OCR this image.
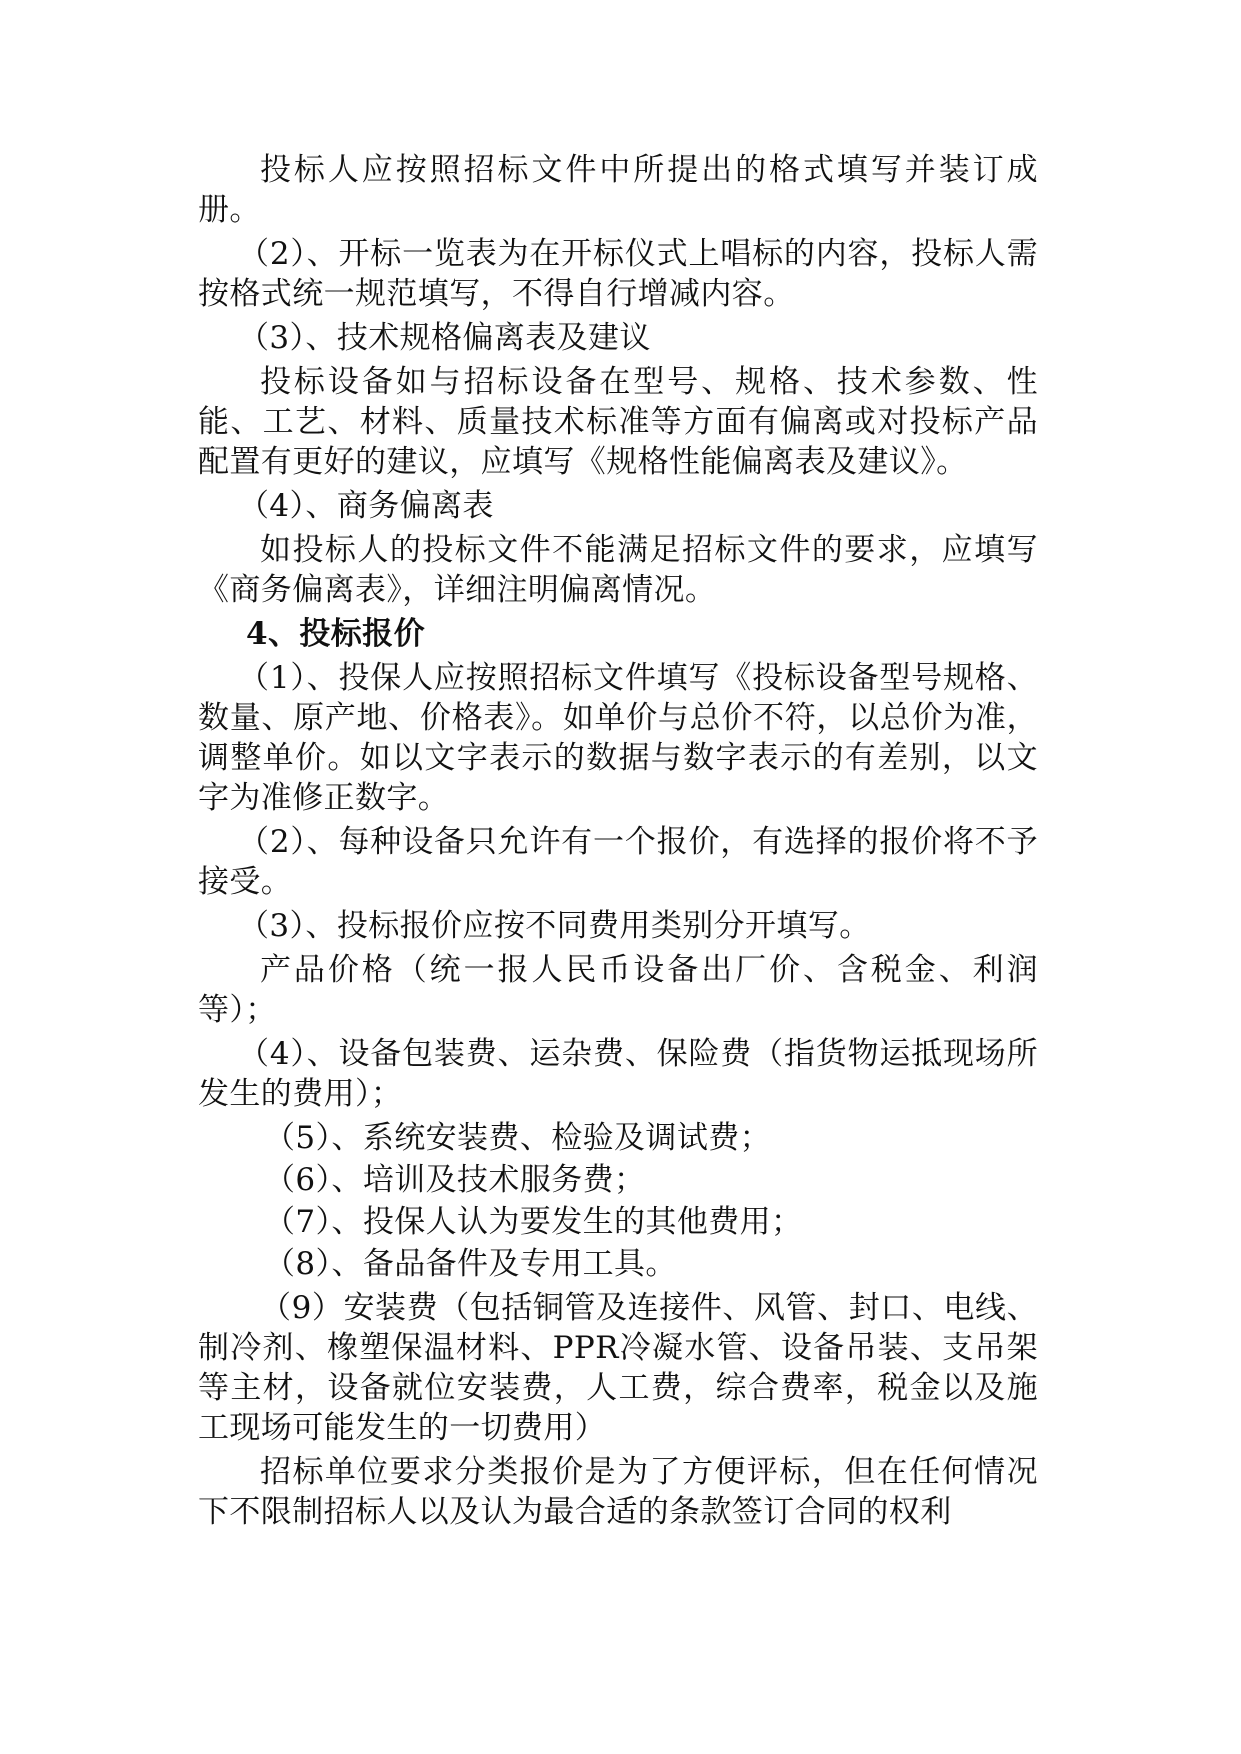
投标人应按照招标文件中所提出的格式填写并装订成册。

（2）、开标一览表为在开标仪式上唱标的内容，投标人需按格式统一规范填写，不得自行增减内容。

（3）、技术规格偏离表及建议

投标设备如与招标设备在型号、规格、技术参数、性能、工艺、材料、质量技术标准等方面有偏离或对投标产品配置有更好的建议，应填写《规格性能偏离表及建议》。

（4）、商务偏离表

如投标人的投标文件不能满足招标文件的要求，应填写《商务偏离表》，详细注明偏离情况。

4、投标报价

（1）、投保人应按照招标文件填写《投标设备型号规格、数量、原产地、价格表》。如单价与总价不符，以总价为准，调整单价。如以文字表示的数据与数字表示的有差别，以文字为准修正数字。

（2）、每种设备只允许有一个报价，有选择的报价将不予接受。

（3）、投标报价应按不同费用类别分开填写。

产品价格（统一报人民币设备出厂价、含税金、利润等）；

（4）、设备包装费、运杂费、保险费（指货物运抵现场所发生的费用）；

（5）、系统安装费、检验及调试费；

（6）、培训及技术服务费；

（7）、投保人认为要发生的其他费用；

（8）、备品备件及专用工具。

（9）安装费（包括铜管及连接件、风管、封口、电线、制冷剂、橡塑保温材料、PPR冷凝水管、设备吊装、支吊架等主材，设备就位安装费，人工费，综合费率，税金以及施工现场可能发生的一切费用）

招标单位要求分类报价是为了方便评标，但在任何情况下不限制招标人以及认为最合适的条款签订合同的权利
